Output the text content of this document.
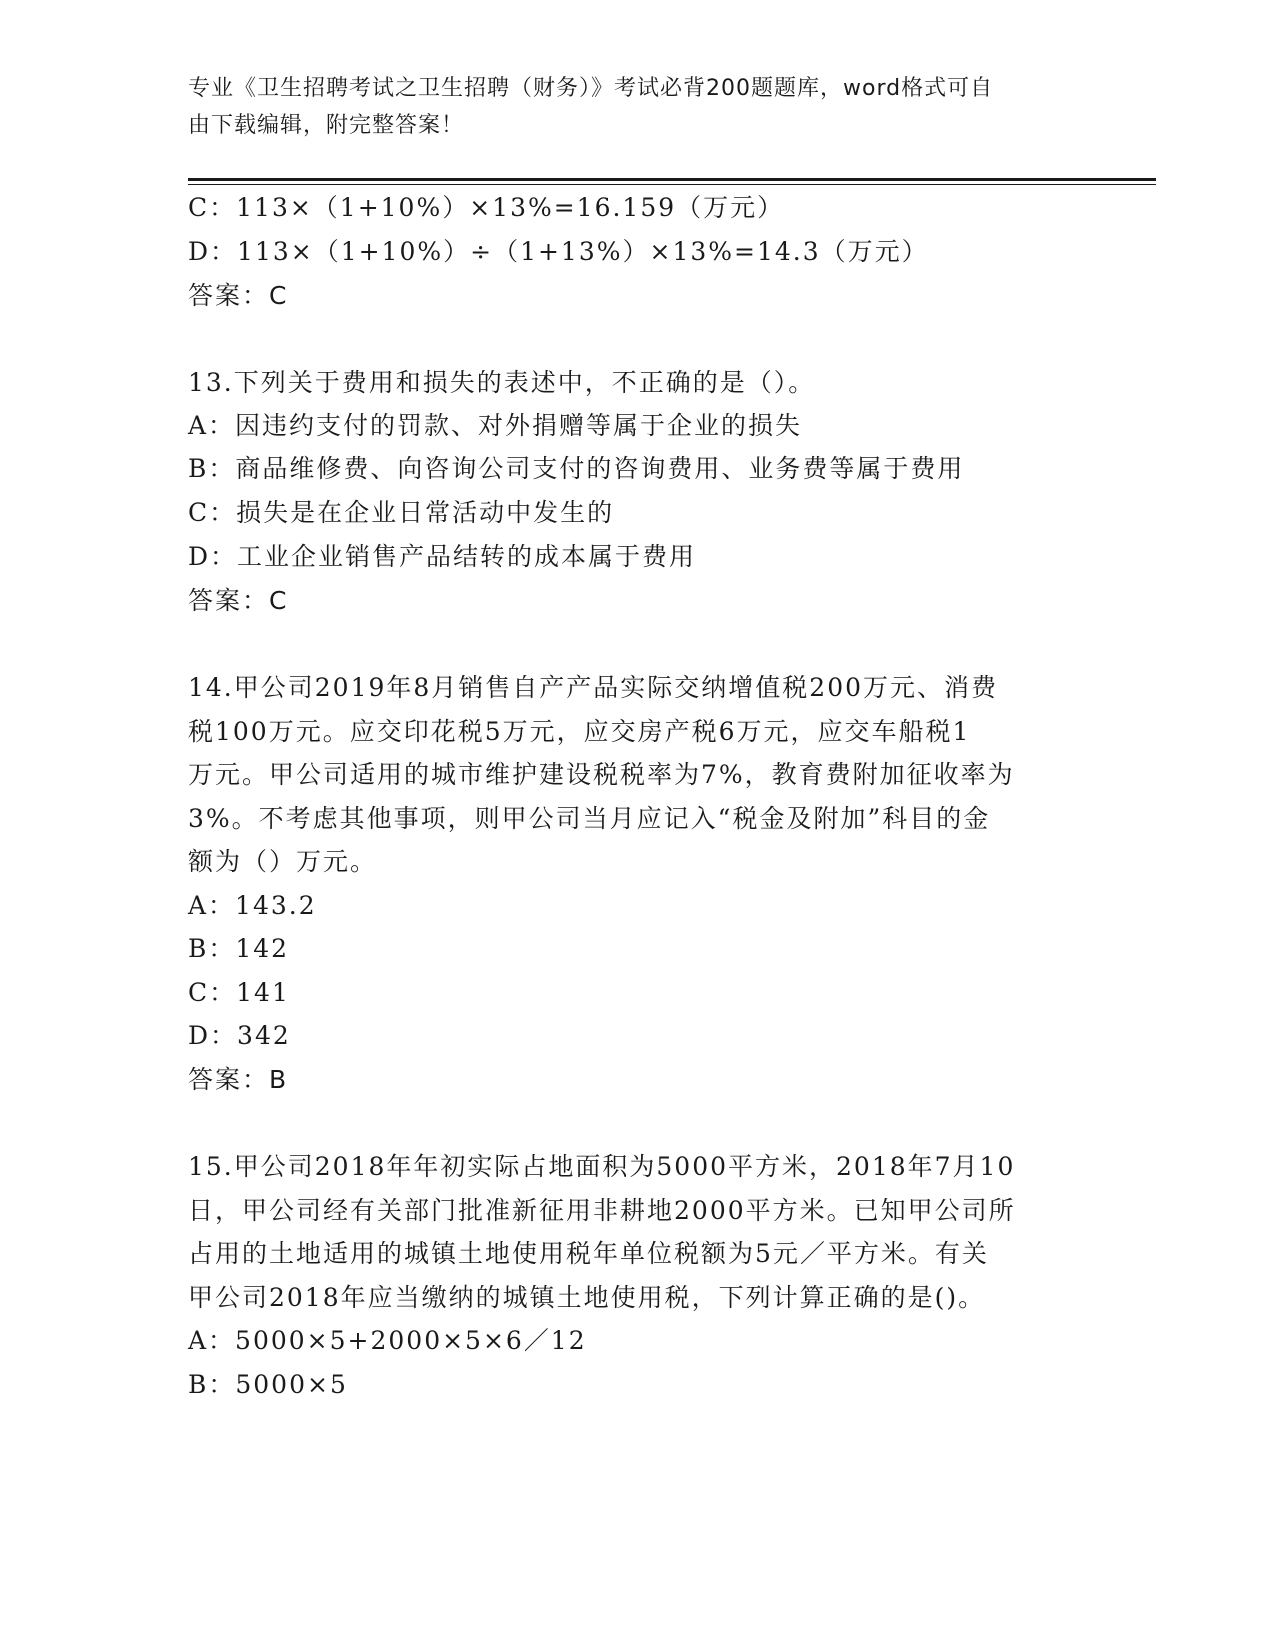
专业《卫生招聘考试之卫生招聘（财务）》考试必背200题题库，word格式可自
由下载编辑，附完整答案！
C：113×（1+10%）×13%=16.159（万元）
D：113×（1+10%）÷（1+13%）×13%=14.3（万元）
答案：C
13.下列关于费用和损失的表述中，不正确的是（）。
A：因违约支付的罚款、对外捐赠等属于企业的损失
B：商品维修费、向咨询公司支付的咨询费用、业务费等属于费用
C：损失是在企业日常活动中发生的
D：工业企业销售产品结转的成本属于费用
答案：C
14.甲公司2019年8月销售自产产品实际交纳增值税200万元、消费
税100万元。应交印花税5万元，应交房产税6万元，应交车船税1
万元。甲公司适用的城市维护建设税税率为7%，教育费附加征收率为
3%。不考虑其他事项，则甲公司当月应记入“税金及附加”科目的金
额为（）万元。
A：143.2
B：142
C：141
D：342
答案：B
15.甲公司2018年年初实际占地面积为5000平方米，2018年7月10
日，甲公司经有关部门批准新征用非耕地2000平方米。已知甲公司所
占用的土地适用的城镇土地使用税年单位税额为5元／平方米。有关
甲公司2018年应当缴纳的城镇土地使用税，下列计算正确的是()。
A：5000×5+2000×5×6／12
B：5000×5
